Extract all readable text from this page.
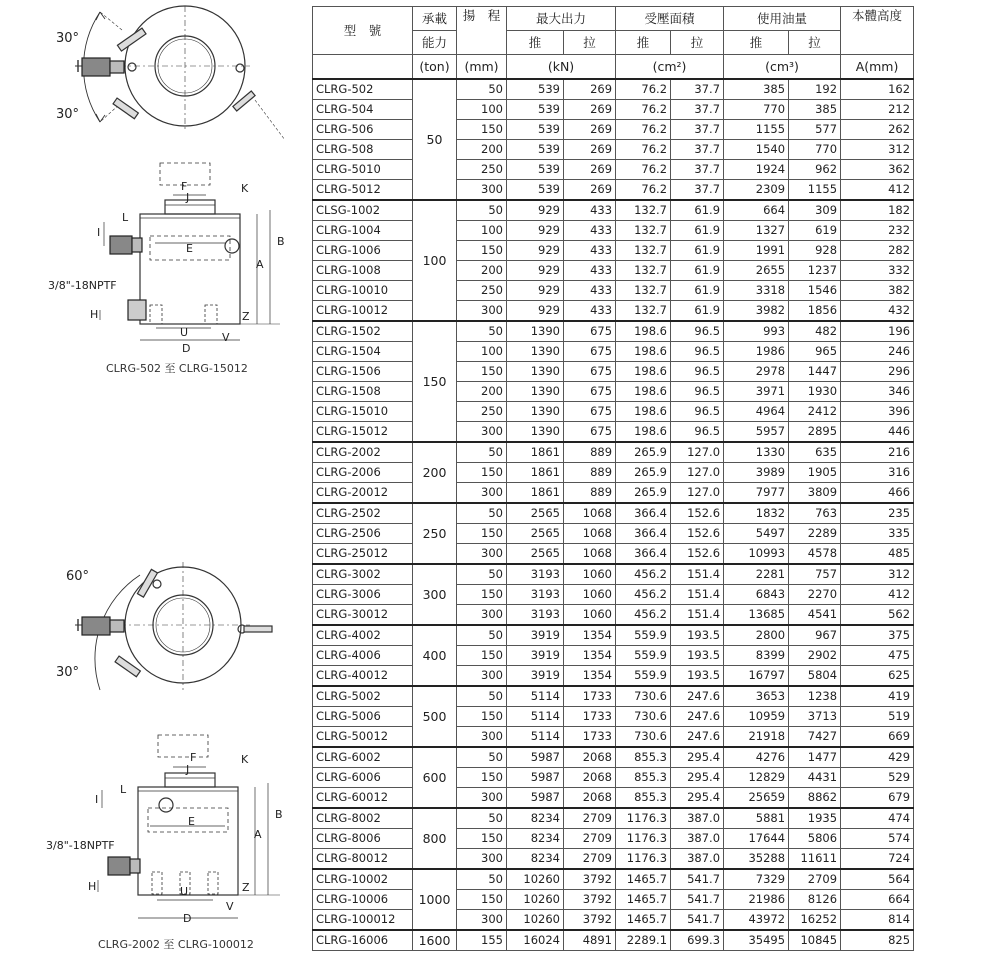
30°
30°
F
J
K
L
I
E
A
B
H	Z
U	V
D
3/8"-18NPTF
60°
30°
F
J
K
L
I
E
A
B
H	Z
U
V
D
3/8"-18NPTF
CLRG-502 至 CLRG-15012
CLRG-2002 至 CLRG-100012
型　號	承載	揚　程	最大出力		受壓面積		使用油量		本體高度
	能力		推	拉	推	拉	推	拉	
	(ton)	(mm)	(kN)		(cm²)		(cm³)		A(mm)
CLRG-502	50	50	539	269	76.2	37.7	385	192	162
CLRG-504		100	539	269	76.2	37.7	770	385	212
CLRG-506		150	539	269	76.2	37.7	1155	577	262
CLRG-508		200	539	269	76.2	37.7	1540	770	312
CLRG-5010		250	539	269	76.2	37.7	1924	962	362
CLRG-5012		300	539	269	76.2	37.7	2309	1155	412
CLSG-1002	100	50	929	433	132.7	61.9	664	309	182
CLRG-1004		100	929	433	132.7	61.9	1327	619	232
CLRG-1006		150	929	433	132.7	61.9	1991	928	282
CLRG-1008		200	929	433	132.7	61.9	2655	1237	332
CLRG-10010		250	929	433	132.7	61.9	3318	1546	382
CLRG-10012		300	929	433	132.7	61.9	3982	1856	432
CLRG-1502	150	50	1390	675	198.6	96.5	993	482	196
CLRG-1504		100	1390	675	198.6	96.5	1986	965	246
CLRG-1506		150	1390	675	198.6	96.5	2978	1447	296
CLRG-1508		200	1390	675	198.6	96.5	3971	1930	346
CLRG-15010		250	1390	675	198.6	96.5	4964	2412	396
CLRG-15012		300	1390	675	198.6	96.5	5957	2895	446
CLRG-2002	200	50	1861	889	265.9	127.0	1330	635	216
CLRG-2006		150	1861	889	265.9	127.0	3989	1905	316
CLRG-20012		300	1861	889	265.9	127.0	7977	3809	466
CLRG-2502	250	50	2565	1068	366.4	152.6	1832	763	235
CLRG-2506		150	2565	1068	366.4	152.6	5497	2289	335
CLRG-25012		300	2565	1068	366.4	152.6	10993	4578	485
CLRG-3002	300	50	3193	1060	456.2	151.4	2281	757	312
CLRG-3006		150	3193	1060	456.2	151.4	6843	2270	412
CLRG-30012		300	3193	1060	456.2	151.4	13685	4541	562
CLRG-4002	400	50	3919	1354	559.9	193.5	2800	967	375
CLRG-4006		150	3919	1354	559.9	193.5	8399	2902	475
CLRG-40012		300	3919	1354	559.9	193.5	16797	5804	625
CLRG-5002	500	50	5114	1733	730.6	247.6	3653	1238	419
CLRG-5006		150	5114	1733	730.6	247.6	10959	3713	519
CLRG-50012		300	5114	1733	730.6	247.6	21918	7427	669
CLRG-6002	600	50	5987	2068	855.3	295.4	4276	1477	429
CLRG-6006		150	5987	2068	855.3	295.4	12829	4431	529
CLRG-60012		300	5987	2068	855.3	295.4	25659	8862	679
CLRG-8002	800	50	8234	2709	1176.3	387.0	5881	1935	474
CLRG-8006		150	8234	2709	1176.3	387.0	17644	5806	574
CLRG-80012		300	8234	2709	1176.3	387.0	35288	11611	724
CLRG-10002	1000	50	10260	3792	1465.7	541.7	7329	2709	564
CLRG-10006		150	10260	3792	1465.7	541.7	21986	8126	664
CLRG-100012		300	10260	3792	1465.7	541.7	43972	16252	814
CLRG-16006	1600	155	16024	4891	2289.1	699.3	35495	10845	825
